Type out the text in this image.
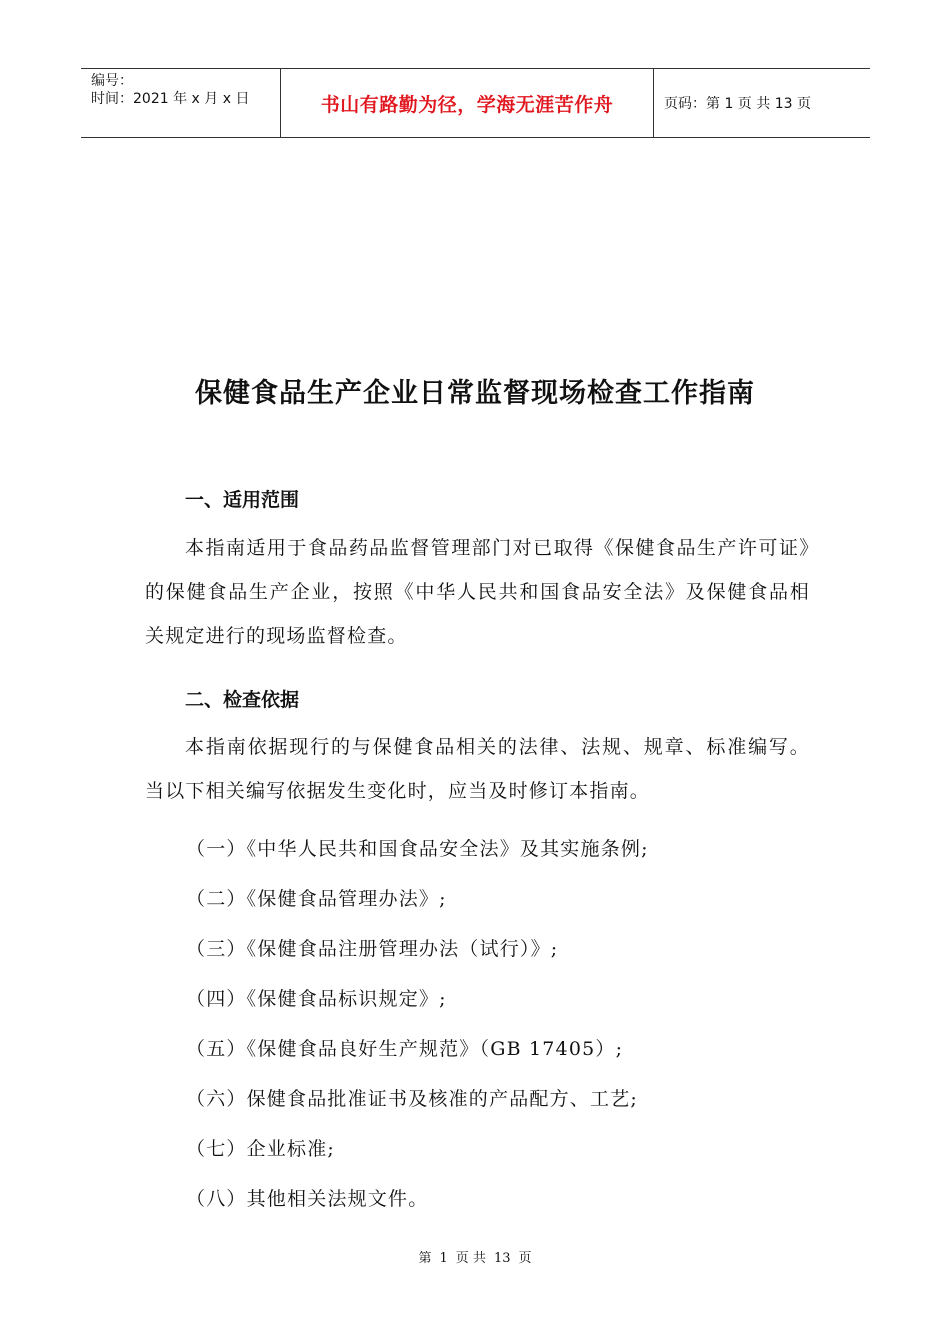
编号：
时间：2021 年 x 月 x 日	书山有路勤为径，学海无涯苦作舟	页码：第 1 页 共 13 页
保健食品生产企业日常监督现场检查工作指南
一、适用范围
本指南适用于食品药品监督管理部门对已取得《保健食品生产许可证》的保健食品生产企业，按照《中华人民共和国食品安全法》及保健食品相关规定进行的现场监督检查。
二、检查依据
本指南依据现行的与保健食品相关的法律、法规、规章、标准编写。当以下相关编写依据发生变化时，应当及时修订本指南。
（一）《中华人民共和国食品安全法》及其实施条例;
（二）《保健食品管理办法》;
（三）《保健食品注册管理办法（试行）》;
（四）《保健食品标识规定》;
（五）《保健食品良好生产规范》（GB 17405）;
（六）保健食品批准证书及核准的产品配方、工艺;
（七）企业标准;
（八）其他相关法规文件。
第 1 页 共 13 页
